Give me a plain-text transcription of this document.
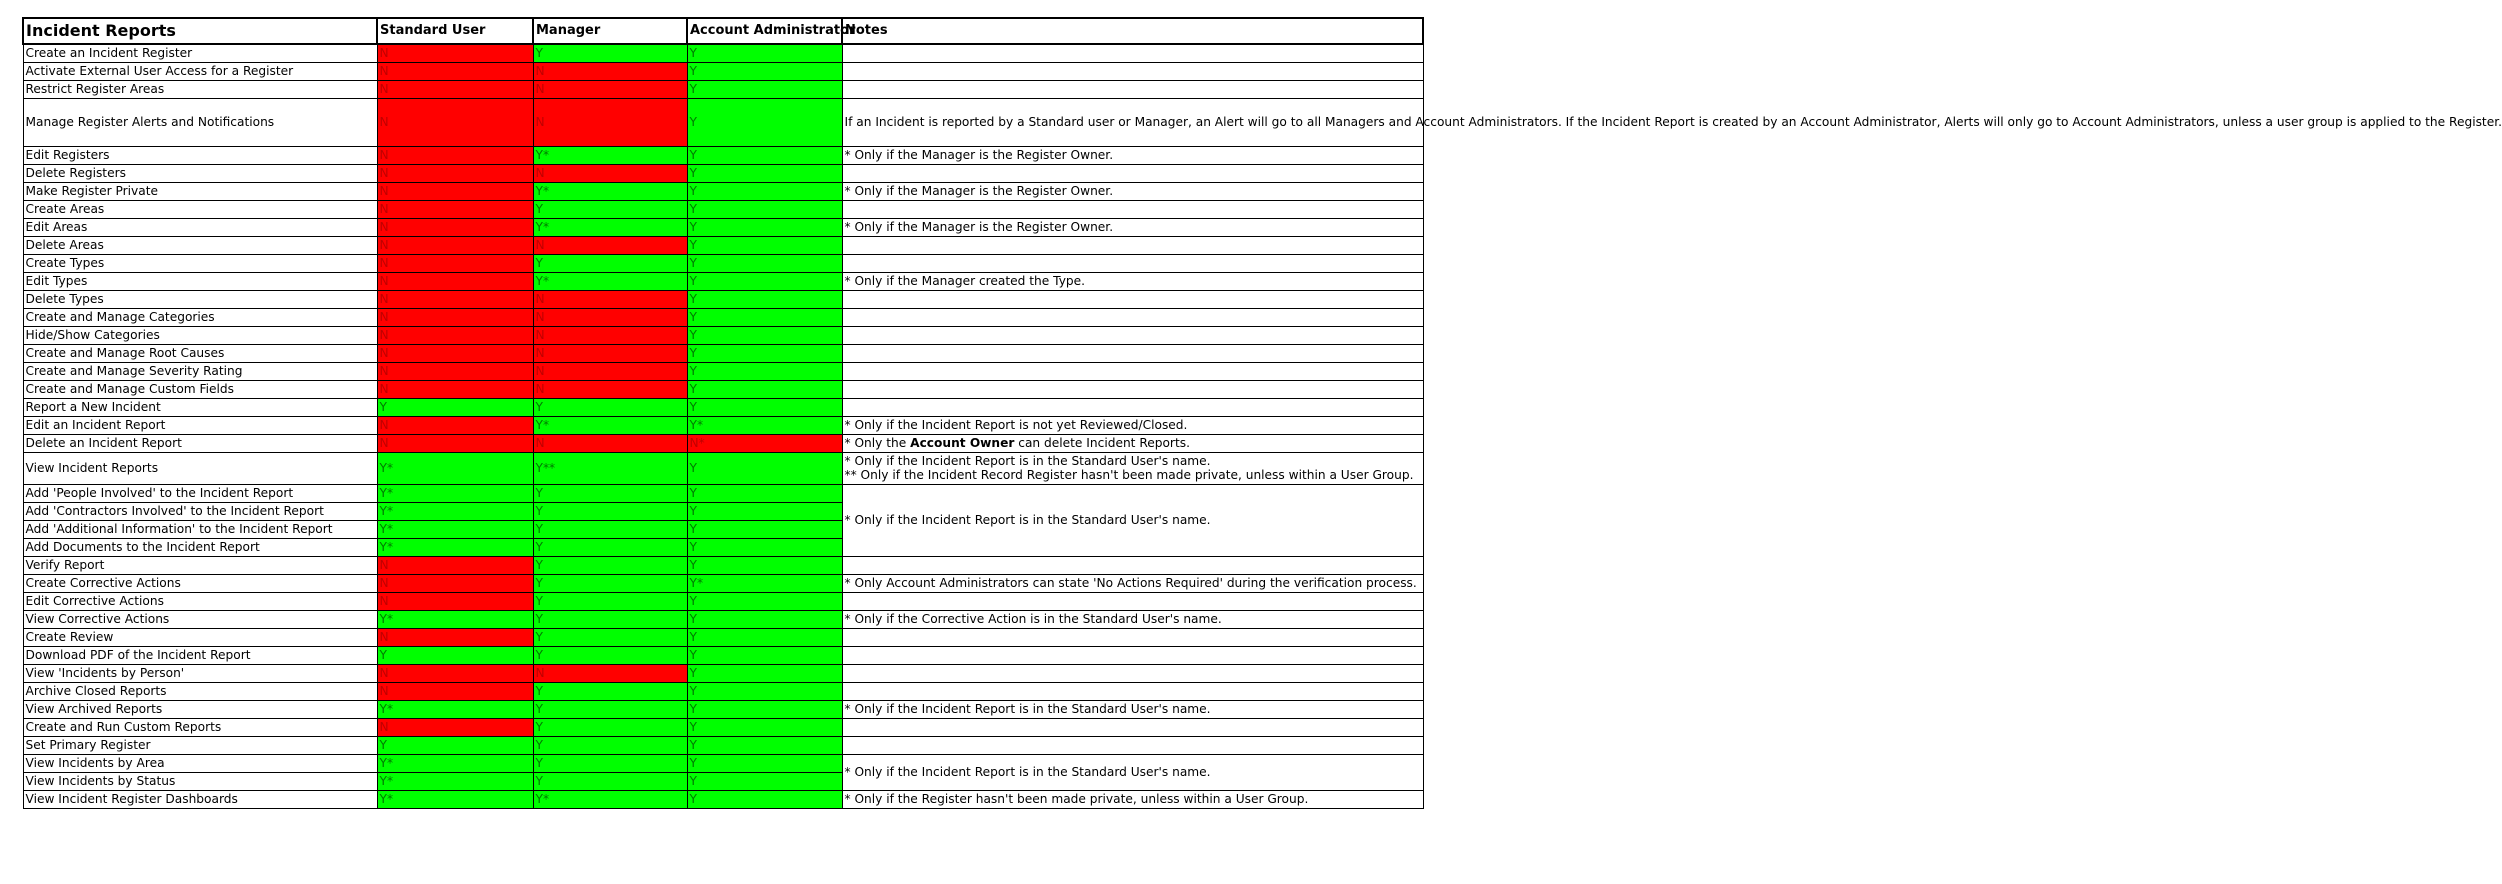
Incident Reports	Standard User	Manager	Account Administrator	Notes
Create an Incident Register	N	Y	Y	

Activate External User Access for a Register	N	N	Y	

Restrict Register Areas	N	N	Y	

Manage Register Alerts and Notifications	N	N	Y	If an Incident is reported by a Standard user or Manager, an Alert will go to all Managers and Account Administrators. If the Incident Report is created by an Account Administrator, Alerts will only go to Account Administrators, unless a user group is applied to the Register.

Edit Registers	N	Y*	Y	* Only if the Manager is the Register Owner.

Delete Registers	N	N	Y	

Make Register Private	N	Y*	Y	* Only if the Manager is the Register Owner.

Create Areas	N	Y	Y	

Edit Areas	N	Y*	Y	* Only if the Manager is the Register Owner.

Delete Areas	N	N	Y	

Create Types	N	Y	Y	

Edit Types	N	Y*	Y	* Only if the Manager created the Type.

Delete Types	N	N	Y	

Create and Manage Categories	N	N	Y	

Hide/Show Categories	N	N	Y	

Create and Manage Root Causes	N	N	Y	

Create and Manage Severity Rating	N	N	Y	

Create and Manage Custom Fields	N	N	Y	

Report a New Incident	Y	Y	Y	

Edit an Incident Report	N	Y*	Y*	* Only if the Incident Report is not yet Reviewed/Closed.

Delete an Incident Report	N	N	N*	* Only the Account Owner can delete Incident Reports.
View Incident Reports	Y*	Y**	Y	* Only if the Incident Report is in the Standard User's name.
** Only if the Incident Record Register hasn't been made private, unless within a User Group.

Add 'People Involved' to the Incident Report	Y*	Y	Y	* Only if the Incident Report is in the Standard User's name.

Add 'Contractors Involved' to the Incident Report	Y*	Y	Y	
Add 'Additional Information' to the Incident Report	Y*	Y	Y	
Add Documents to the Incident Report	Y*	Y	Y	
Verify Report	N	Y	Y	

Create Corrective Actions	N	Y	Y*	* Only Account Administrators can state 'No Actions Required' during the verification process.

Edit Corrective Actions	N	Y	Y	

View Corrective Actions	Y*	Y	Y	* Only if the Corrective Action is in the Standard User's name.

Create Review	N	Y	Y	

Download PDF of the Incident Report	Y	Y	Y	

View 'Incidents by Person'	N	N	Y	

Archive Closed Reports	N	Y	Y	

View Archived Reports	Y*	Y	Y	* Only if the Incident Report is in the Standard User's name.

Create and Run Custom Reports	N	Y	Y	

Set Primary Register	Y	Y	Y	

View Incidents by Area	Y*	Y	Y	* Only if the Incident Report is in the Standard User's name.

View Incidents by Status	Y*	Y	Y	
View Incident Register Dashboards	Y*	Y*	Y	* Only if the Register hasn't been made private, unless within a User Group.
